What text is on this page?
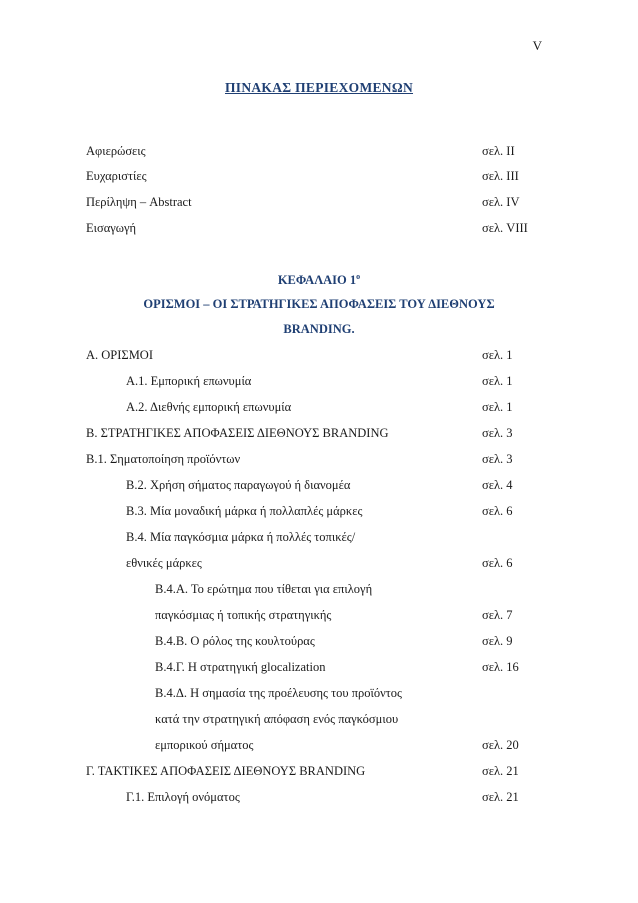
V
ΠΙΝΑΚΑΣ ΠΕΡΙΕΧΟΜΕΝΩΝ
Αφιερώσεις	σελ. ΙΙ
Ευχαριστίες	σελ. ΙΙΙ
Περίληψη – Abstract	σελ. IV
Εισαγωγή	σελ. VIII
ΚΕΦΑΛΑΙΟ $1^o$
ΟΡΙΣΜΟΙ – ΟΙ ΣΤΡΑΤΗΓΙΚΕΣ ΑΠΟΦΑΣΕΙΣ ΤΟΥ ΔΙΕΘΝΟΥΣ
BRANDING.
Α. ΟΡΙΣΜΟΙ	σελ. 1
Α.1. Εμπορική επωνυμία	σελ. 1
Α.2. Διεθνής εμπορική επωνυμία	σελ. 1
Β. ΣΤΡΑΤΗΓΙΚΕΣ ΑΠΟΦΑΣΕΙΣ ΔΙΕΘΝΟΥΣ BRANDING	σελ. 3
Β.1. Σηματοποίηση προϊόντων	σελ. 3
Β.2. Χρήση σήματος παραγωγού ή διανομέα	σελ. 4
Β.3. Μία μοναδική μάρκα ή πολλαπλές μάρκες	σελ. 6
Β.4. Μία παγκόσμια μάρκα ή πολλές τοπικές/
εθνικές μάρκες	σελ. 6
Β.4.Α. Το ερώτημα που τίθεται για επιλογή
παγκόσμιας ή τοπικής στρατηγικής	σελ. 7
Β.4.Β. Ο ρόλος της κουλτούρας	σελ. 9
Β.4.Γ. Η στρατηγική glocalization	σελ. 16
Β.4.Δ. Η σημασία της προέλευσης του προϊόντος
κατά την στρατηγική απόφαση ενός παγκόσμιου
εμπορικού σήματος	σελ. 20
Γ. ΤΑΚΤΙΚΕΣ ΑΠΟΦΑΣΕΙΣ ΔΙΕΘΝΟΥΣ BRANDING	σελ. 21
Γ.1. Επιλογή ονόματος	σελ. 21
